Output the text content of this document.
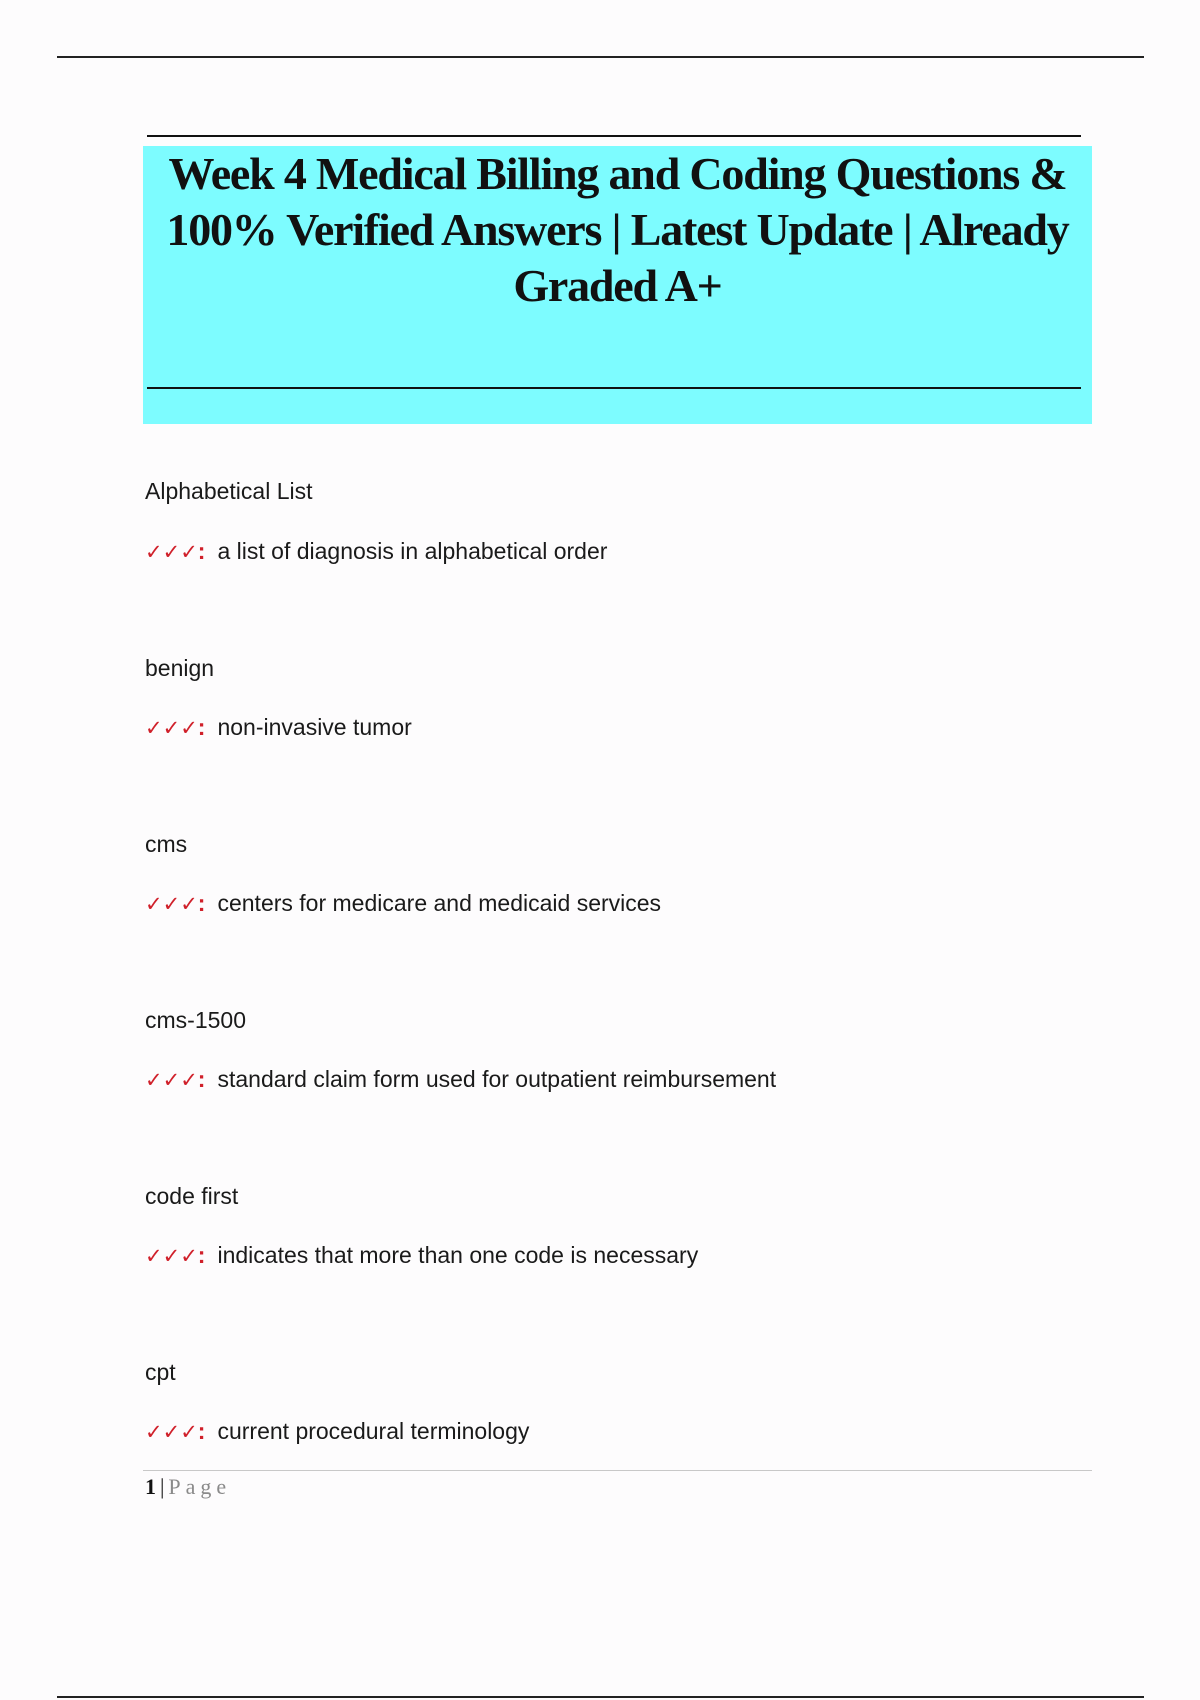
Week 4 Medical Billing and Coding Questions & 100% Verified Answers | Latest Update | Already Graded A+
Alphabetical List
✓✓✓: a list of diagnosis in alphabetical order
benign
✓✓✓: non-invasive tumor
cms
✓✓✓: centers for medicare and medicaid services
cms-1500
✓✓✓: standard claim form used for outpatient reimbursement
code first
✓✓✓: indicates that more than one code is necessary
cpt
✓✓✓: current procedural terminology
1 | Page
